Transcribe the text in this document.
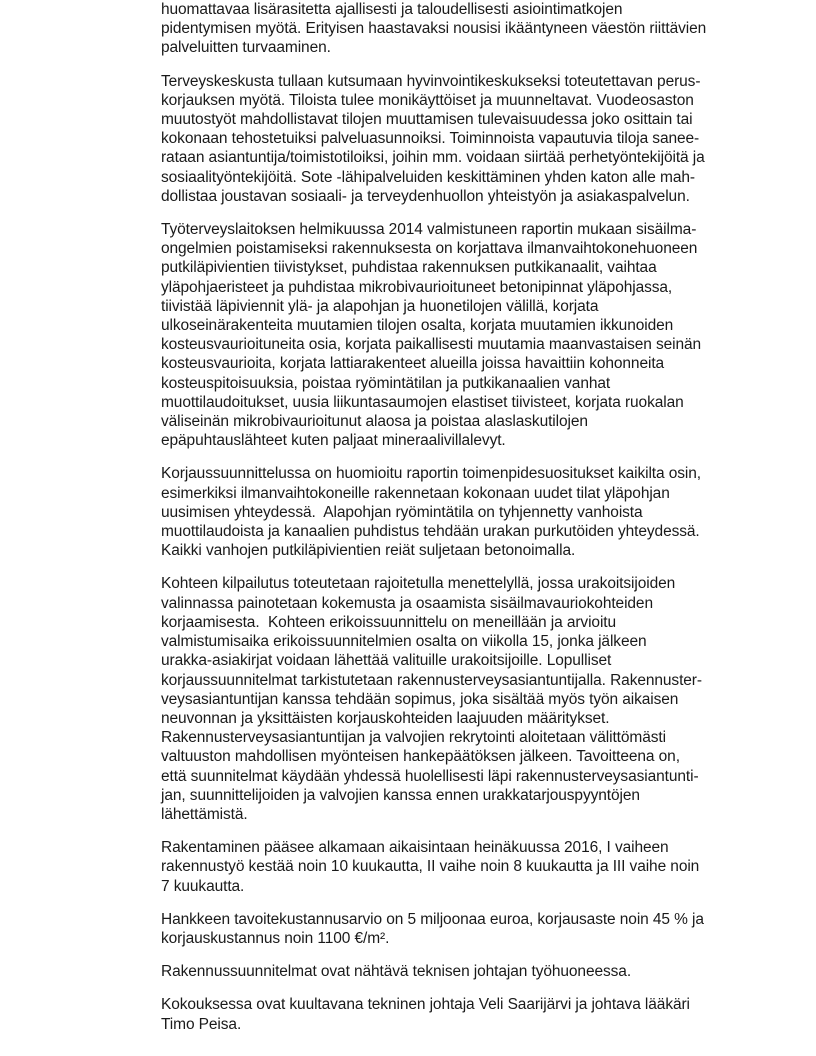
huomattavaa lisärasitetta ajallisesti ja taloudellisesti asiointimatkojen
pidentymisen myötä. Erityisen haastavaksi nousisi ikääntyneen väestön riittävien
palveluitten turvaaminen.

Terveyskeskusta tullaan kutsumaan hyvinvointikeskukseksi toteutettavan perus-
korjauksen myötä. Tiloista tulee monikäyttöiset ja muunneltavat. Vuodeosaston
muutostyöt mahdollistavat tilojen muuttamisen tulevaisuudessa joko osittain tai
kokonaan tehostetuiksi palveluasunnoiksi. Toiminnoista vapautuvia tiloja sanee-
rataan asiantuntija/toimistotiloiksi, joihin mm. voidaan siirtää perhetyöntekijöitä ja
sosiaalityöntekijöitä. Sote -lähipalveluiden keskittäminen yhden katon alle mah-
dollistaa joustavan sosiaali- ja terveydenhuollon yhteistyön ja asiakaspalvelun.

Työterveyslaitoksen helmikuussa 2014 valmistuneen raportin mukaan sisäilma-
ongelmien poistamiseksi rakennuksesta on korjattava ilmanvaihtokonehuoneen
putkiläpivientien tiivistykset, puhdistaa rakennuksen putkikanaalit, vaihtaa
yläpohjaeristeet ja puhdistaa mikrobivaurioituneet betonipinnat yläpohjassa,
tiivistää läpiviennit ylä- ja alapohjan ja huonetilojen välillä, korjata
ulkoseinärakenteita muutamien tilojen osalta, korjata muutamien ikkunoiden
kosteusvaurioituneita osia, korjata paikallisesti muutamia maanvastaisen seinän
kosteusvaurioita, korjata lattiarakenteet alueilla joissa havaittiin kohonneita
kosteuspitoisuuksia, poistaa ryömintätilan ja putkikanaalien vanhat
muottilaudoitukset, uusia liikuntasaumojen elastiset tiivisteet, korjata ruokalan
väliseinän mikrobivaurioitunut alaosa ja poistaa alaslaskutilojen
epäpuhtauslähteet kuten paljaat mineraalivillalevyt.

Korjaussuunnittelussa on huomioitu raportin toimenpidesuositukset kaikilta osin,
esimerkiksi ilmanvaihtokoneille rakennetaan kokonaan uudet tilat yläpohjan
uusimisen yhteydessä.  Alapohjan ryömintätila on tyhjennetty vanhoista
muottilaudoista ja kanaalien puhdistus tehdään urakan purkutöiden yhteydessä.
Kaikki vanhojen putkiläpivientien reiät suljetaan betonoimalla.

Kohteen kilpailutus toteutetaan rajoitetulla menettelyllä, jossa urakoitsijoiden
valinnassa painotetaan kokemusta ja osaamista sisäilmavauriokohteiden
korjaamisesta.  Kohteen erikoissuunnittelu on meneillään ja arvioitu
valmistumisaika erikoissuunnitelmien osalta on viikolla 15, jonka jälkeen
urakka-asiakirjat voidaan lähettää valituille urakoitsijoille. Lopulliset
korjaussuunnitelmat tarkistutetaan rakennusterveysasiantuntijalla. Rakennuster-
veysasiantuntijan kanssa tehdään sopimus, joka sisältää myös työn aikaisen
neuvonnan ja yksittäisten korjauskohteiden laajuuden määritykset.
Rakennusterveysasiantuntijan ja valvojien rekrytointi aloitetaan välittömästi
valtuuston mahdollisen myönteisen hankepäätöksen jälkeen. Tavoitteena on,
että suunnitelmat käydään yhdessä huolellisesti läpi rakennusterveysasiantunti-
jan, suunnittelijoiden ja valvojien kanssa ennen urakkatarjouspyyntöjen
lähettämistä.

Rakentaminen pääsee alkamaan aikaisintaan heinäkuussa 2016, I vaiheen
rakennustyö kestää noin 10 kuukautta, II vaihe noin 8 kuukautta ja III vaihe noin
7 kuukautta.

Hankkeen tavoitekustannusarvio on 5 miljoonaa euroa, korjausaste noin 45 % ja
korjauskustannus noin 1100 €/m².

Rakennussuunnitelmat ovat nähtävä teknisen johtajan työhuoneessa.

Kokouksessa ovat kuultavana tekninen johtaja Veli Saarijärvi ja johtava lääkäri
Timo Peisa.
